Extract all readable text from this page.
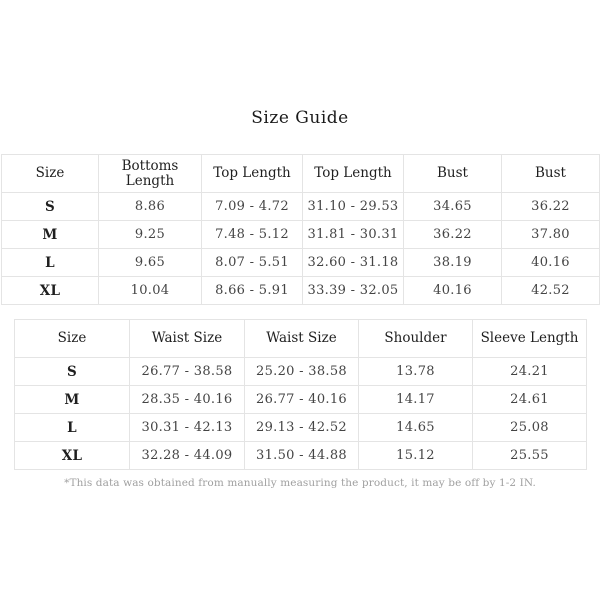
Size Guide
Size	Bottoms Length	Top Length	Top Length	Bust	Bust
S	8.86	7.09 - 4.72	31.10 - 29.53	34.65	36.22
M	9.25	7.48 - 5.12	31.81 - 30.31	36.22	37.80
L	9.65	8.07 - 5.51	32.60 - 31.18	38.19	40.16
XL	10.04	8.66 - 5.91	33.39 - 32.05	40.16	42.52
Size	Waist Size	Waist Size	Shoulder	Sleeve Length
S	26.77 - 38.58	25.20 - 38.58	13.78	24.21
M	28.35 - 40.16	26.77 - 40.16	14.17	24.61
L	30.31 - 42.13	29.13 - 42.52	14.65	25.08
XL	32.28 - 44.09	31.50 - 44.88	15.12	25.55
*This data was obtained from manually measuring the product, it may be off by 1-2 IN.
